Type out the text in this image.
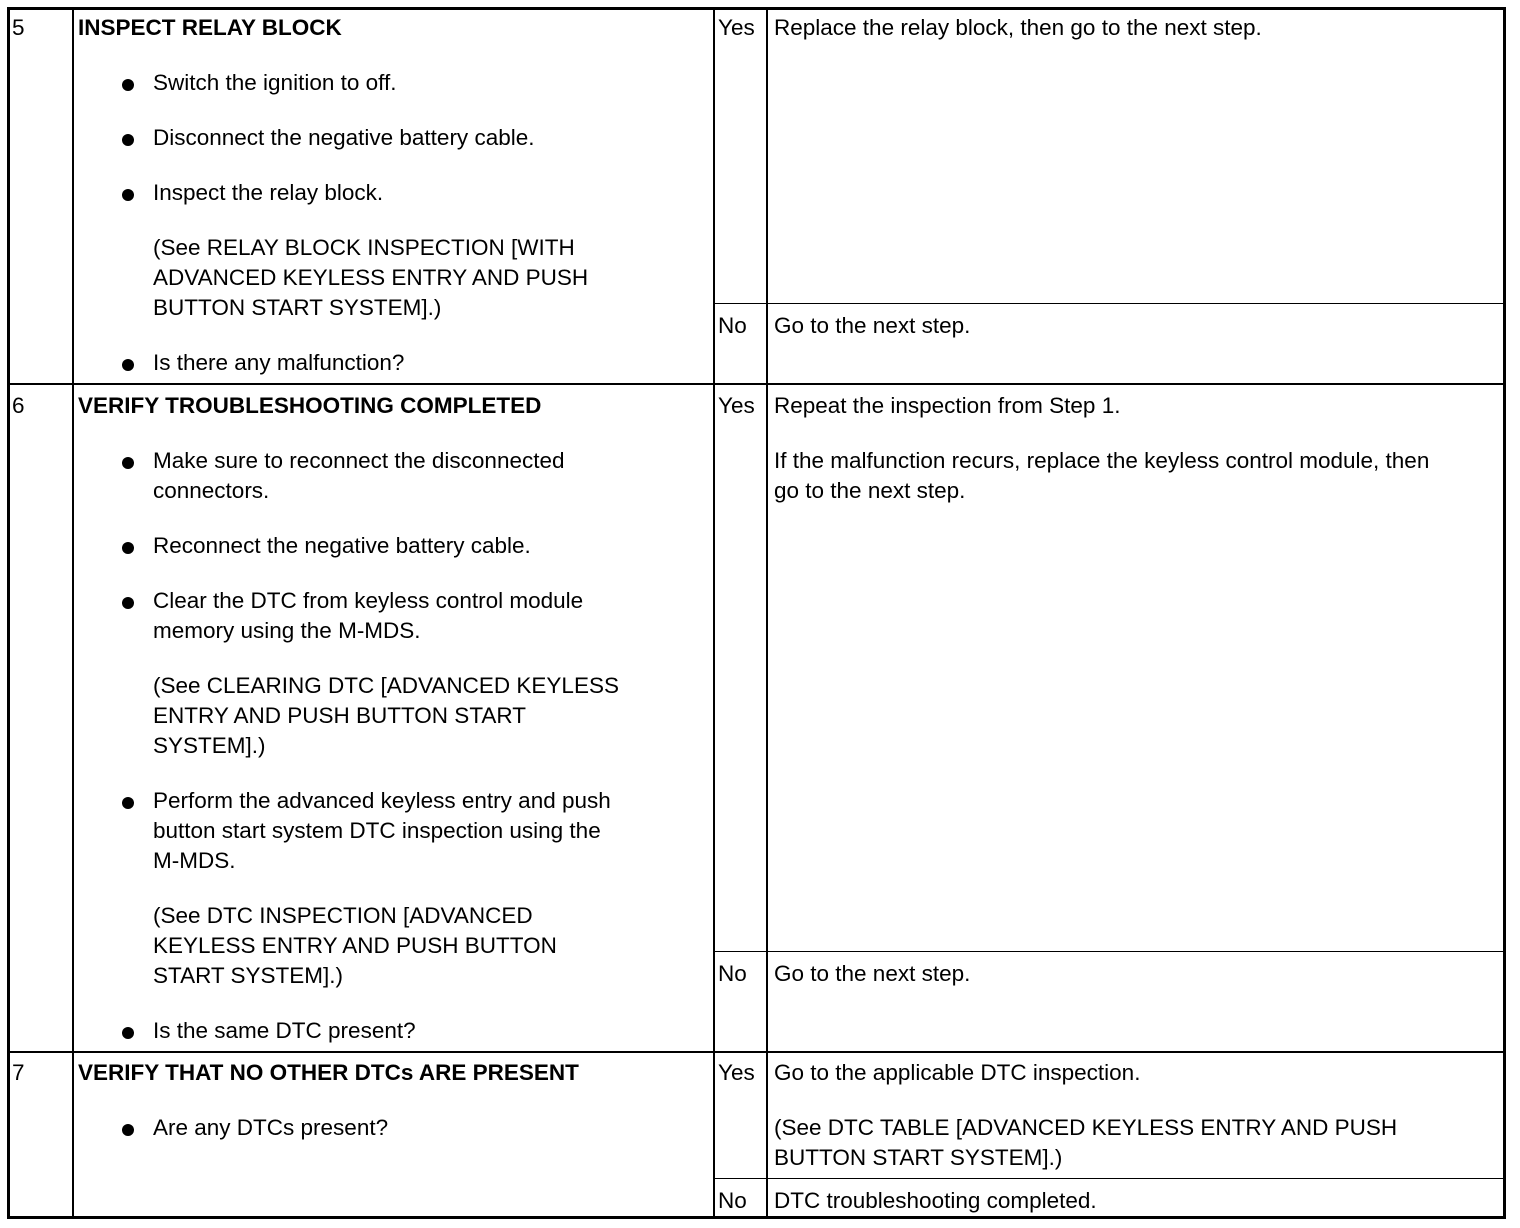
5 INSPECT RELAY BLOCK
Switch the ignition to off.
Disconnect the negative battery cable.
Inspect the relay block.
(See RELAY BLOCK INSPECTION [WITH
ADVANCED KEYLESS ENTRY AND PUSH
BUTTON START SYSTEM].)
Is there any malfunction?
Yes Replace the relay block, then go to the next step.
No Go to the next step.
6 VERIFY TROUBLESHOOTING COMPLETED
Make sure to reconnect the disconnected
connectors.
Reconnect the negative battery cable.
Clear the DTC from keyless control module
memory using the M-MDS.
(See CLEARING DTC [ADVANCED KEYLESS
ENTRY AND PUSH BUTTON START
SYSTEM].)
Perform the advanced keyless entry and push
button start system DTC inspection using the
M-MDS.
(See DTC INSPECTION [ADVANCED
KEYLESS ENTRY AND PUSH BUTTON
START SYSTEM].)
Is the same DTC present?
Yes Repeat the inspection from Step 1.
If the malfunction recurs, replace the keyless control module, then
go to the next step.
No Go to the next step.
7 VERIFY THAT NO OTHER DTCs ARE PRESENT
Are any DTCs present?
Yes Go to the applicable DTC inspection.
(See DTC TABLE [ADVANCED KEYLESS ENTRY AND PUSH
BUTTON START SYSTEM].)
No DTC troubleshooting completed.
